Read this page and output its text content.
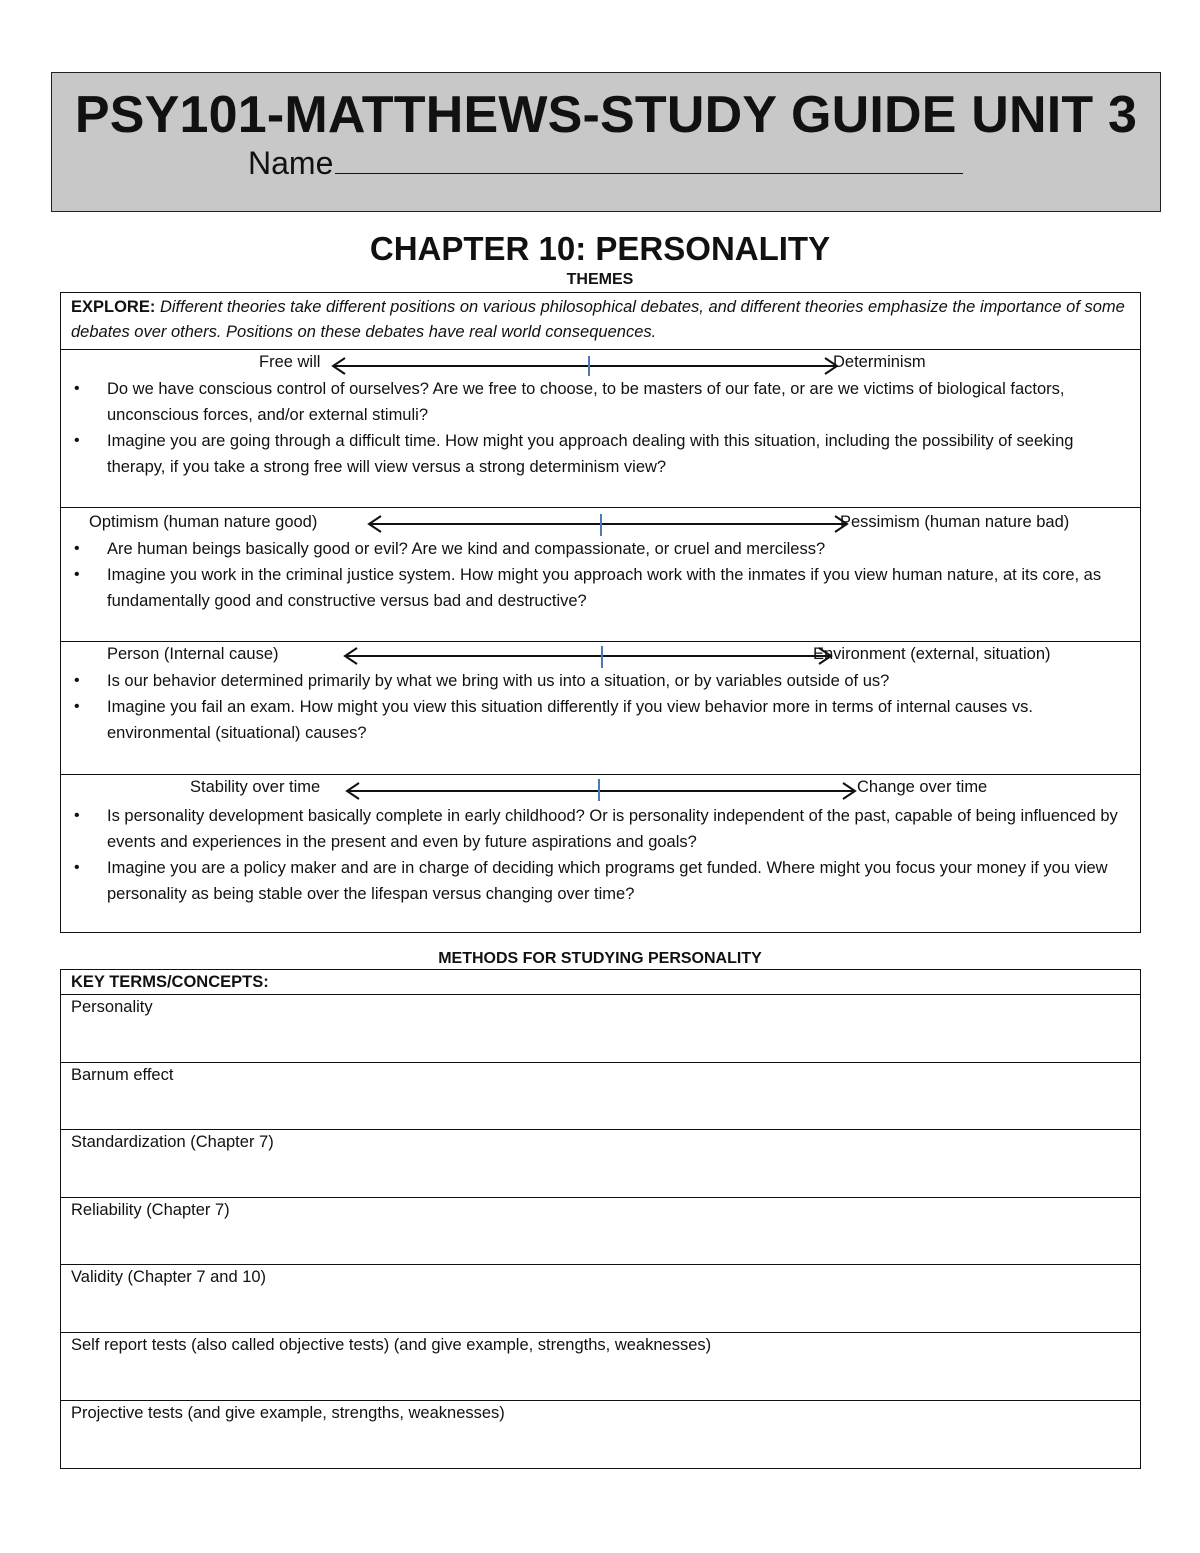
PSY101-MATTHEWS-STUDY GUIDE UNIT 3
Name
CHAPTER 10: PERSONALITY
THEMES
EXPLORE: Different theories take different positions on various philosophical debates, and different theories emphasize the importance of some debates over others. Positions on these debates have real world consequences.
Free will	Determinism
• Do we have conscious control of ourselves? Are we free to choose, to be masters of our fate, or are we victims of biological factors, unconscious forces, and/or external stimuli?
• Imagine you are going through a difficult time. How might you approach dealing with this situation, including the possibility of seeking therapy, if you take a strong free will view versus a strong determinism view?
Optimism (human nature good)	Pessimism (human nature bad)
• Are human beings basically good or evil? Are we kind and compassionate, or cruel and merciless?
• Imagine you work in the criminal justice system. How might you approach work with the inmates if you view human nature, at its core, as fundamentally good and constructive versus bad and destructive?
Person (Internal cause)	Environment (external, situation)
• Is our behavior determined primarily by what we bring with us into a situation, or by variables outside of us?
• Imagine you fail an exam. How might you view this situation differently if you view behavior more in terms of internal causes vs. environmental (situational) causes?
Stability over time	Change over time
• Is personality development basically complete in early childhood? Or is personality independent of the past, capable of being influenced by events and experiences in the present and even by future aspirations and goals?
• Imagine you are a policy maker and are in charge of deciding which programs get funded. Where might you focus your money if you view personality as being stable over the lifespan versus changing over time?
METHODS FOR STUDYING PERSONALITY
KEY TERMS/CONCEPTS:
Personality
Barnum effect
Standardization (Chapter 7)
Reliability (Chapter 7)
Validity (Chapter 7 and 10)
Self report tests (also called objective tests) (and give example, strengths, weaknesses)
Projective tests (and give example, strengths, weaknesses)
